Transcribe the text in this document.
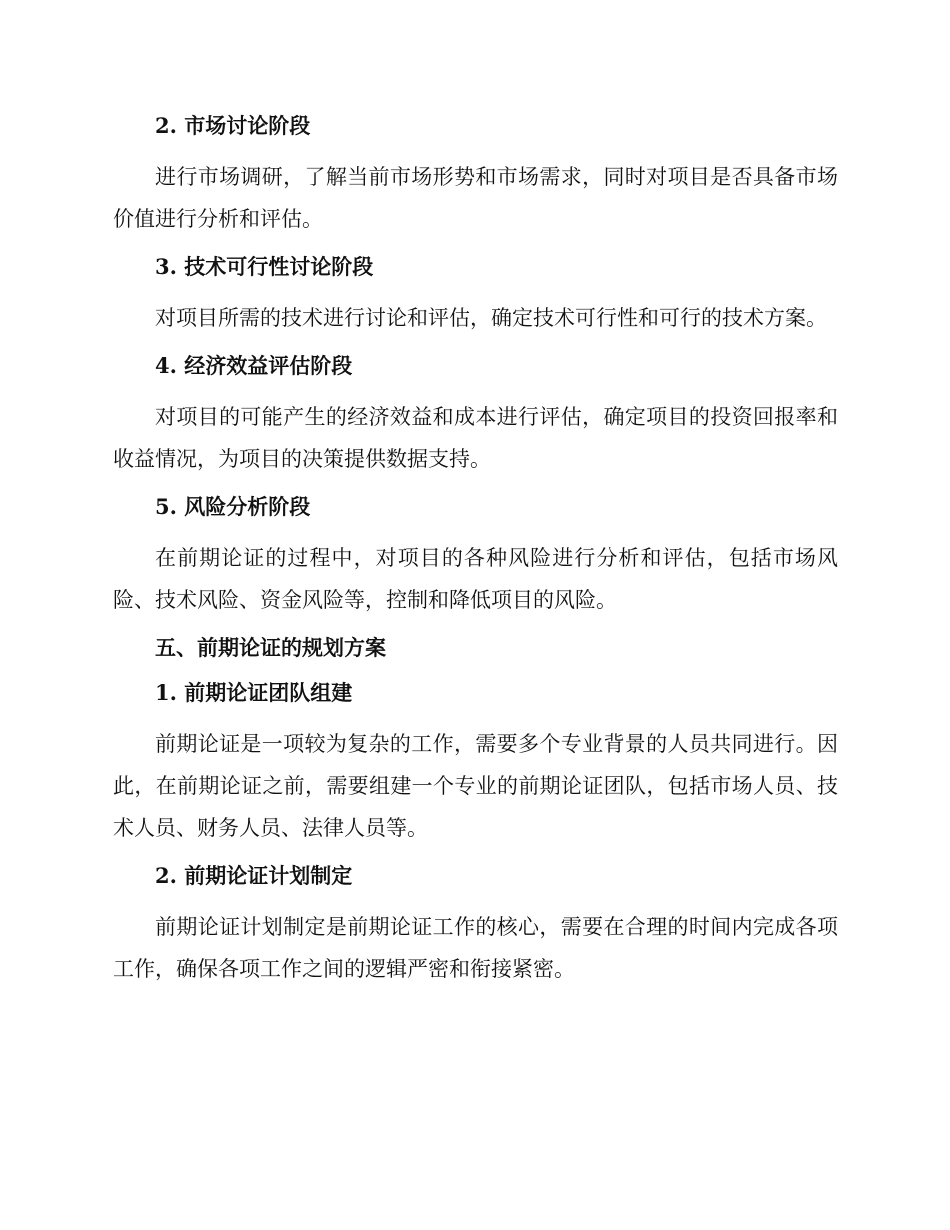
2. 市场讨论阶段

进行市场调研，了解当前市场形势和市场需求，同时对项目是否具备市场价值进行分析和评估。

3. 技术可行性讨论阶段

对项目所需的技术进行讨论和评估，确定技术可行性和可行的技术方案。

4. 经济效益评估阶段

对项目的可能产生的经济效益和成本进行评估，确定项目的投资回报率和收益情况，为项目的决策提供数据支持。

5. 风险分析阶段

在前期论证的过程中，对项目的各种风险进行分析和评估，包括市场风险、技术风险、资金风险等，控制和降低项目的风险。

五、前期论证的规划方案
1. 前期论证团队组建

前期论证是一项较为复杂的工作，需要多个专业背景的人员共同进行。因此，在前期论证之前，需要组建一个专业的前期论证团队，包括市场人员、技术人员、财务人员、法律人员等。

2. 前期论证计划制定

前期论证计划制定是前期论证工作的核心，需要在合理的时间内完成各项工作，确保各项工作之间的逻辑严密和衔接紧密。
